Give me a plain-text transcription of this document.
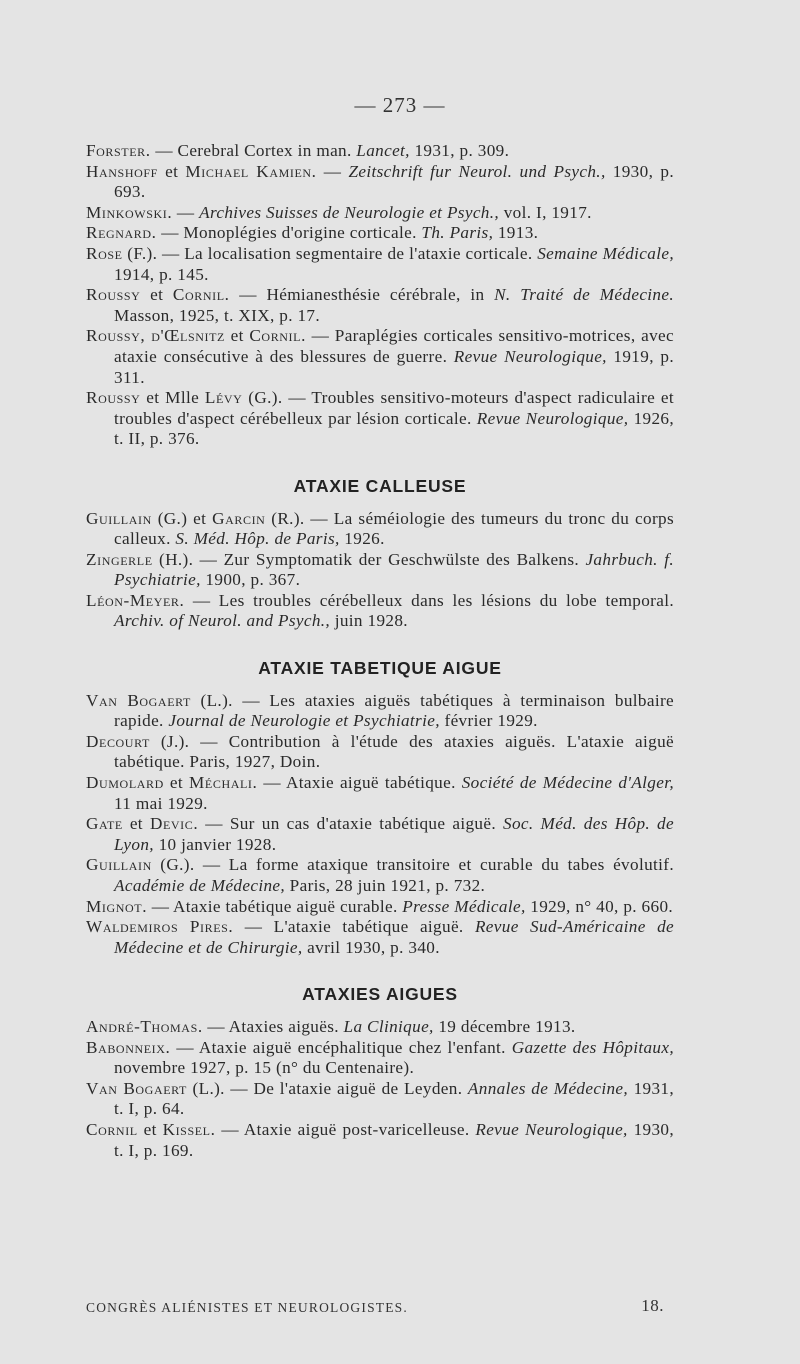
— 273 —

Forster. — Cerebral Cortex in man. Lancet, 1931, p. 309.

Hanshoff et Michael Kamien. — Zeitschrift fur Neurol. und Psych., 1930, p. 693.

Minkowski. — Archives Suisses de Neurologie et Psych., vol. I, 1917.

Regnard. — Monoplégies d'origine corticale. Th. Paris, 1913.

Rose (F.). — La localisation segmentaire de l'ataxie corticale. Semaine Médicale, 1914, p. 145.

Roussy et Cornil. — Hémianesthésie cérébrale, in N. Traité de Médecine. Masson, 1925, t. XIX, p. 17.

Roussy, d'Œlsnitz et Cornil. — Paraplégies corticales sensitivo-motrices, avec ataxie consécutive à des blessures de guerre. Revue Neurologique, 1919, p. 311.

Roussy et Mlle Lévy (G.). — Troubles sensitivo-moteurs d'aspect radiculaire et troubles d'aspect cérébelleux par lésion corticale. Revue Neurologique, 1926, t. II, p. 376.

ATAXIE CALLEUSE

Guillain (G.) et Garcin (R.). — La séméiologie des tumeurs du tronc du corps calleux. S. Méd. Hôp. de Paris, 1926.

Zingerle (H.). — Zur Symptomatik der Geschwülste des Balkens. Jahrbuch. f. Psychiatrie, 1900, p. 367.

Léon-Meyer. — Les troubles cérébelleux dans les lésions du lobe temporal. Archiv. of Neurol. and Psych., juin 1928.

ATAXIE TABETIQUE AIGUE

Van Bogaert (L.). — Les ataxies aiguës tabétiques à terminaison bulbaire rapide. Journal de Neurologie et Psychiatrie, février 1929.

Decourt (J.). — Contribution à l'étude des ataxies aiguës. L'ataxie aiguë tabétique. Paris, 1927, Doin.

Dumolard et Méchali. — Ataxie aiguë tabétique. Société de Médecine d'Alger, 11 mai 1929.

Gate et Devic. — Sur un cas d'ataxie tabétique aiguë. Soc. Méd. des Hôp. de Lyon, 10 janvier 1928.

Guillain (G.). — La forme ataxique transitoire et curable du tabes évolutif. Académie de Médecine, Paris, 28 juin 1921, p. 732.

Mignot. — Ataxie tabétique aiguë curable. Presse Médicale, 1929, n° 40, p. 660.

Waldemiros Pires. — L'ataxie tabétique aiguë. Revue Sud-Américaine de Médecine et de Chirurgie, avril 1930, p. 340.

ATAXIES AIGUES

André-Thomas. — Ataxies aiguës. La Clinique, 19 décembre 1913.

Babonneix. — Ataxie aiguë encéphalitique chez l'enfant. Gazette des Hôpitaux, novembre 1927, p. 15 (n° du Centenaire).

Van Bogaert (L.). — De l'ataxie aiguë de Leyden. Annales de Médecine, 1931, t. I, p. 64.

Cornil et Kissel. — Ataxie aiguë post-varicelleuse. Revue Neurologique, 1930, t. I, p. 169.

CONGRÈS ALIÉNISTES ET NEUROLOGISTES.	18.
